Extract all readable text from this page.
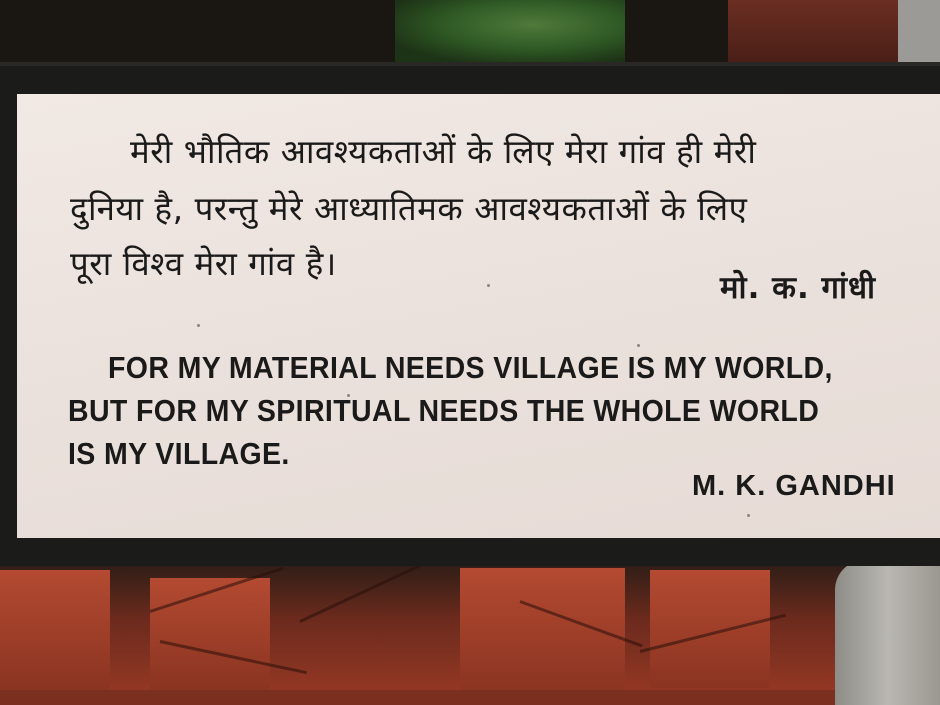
मेरी भौतिक आवश्यकताओं के लिए मेरा गांव ही मेरी
दुनिया है, परन्तु मेरे आध्यातिमक आवश्यकताओं के लिए
पूरा विश्व मेरा गांव है।
मो. क. गांधी
FOR MY MATERIAL NEEDS VILLAGE IS MY WORLD,
BUT FOR MY SPIRITUAL NEEDS THE WHOLE WORLD
IS MY VILLAGE.
M. K. GANDHI
